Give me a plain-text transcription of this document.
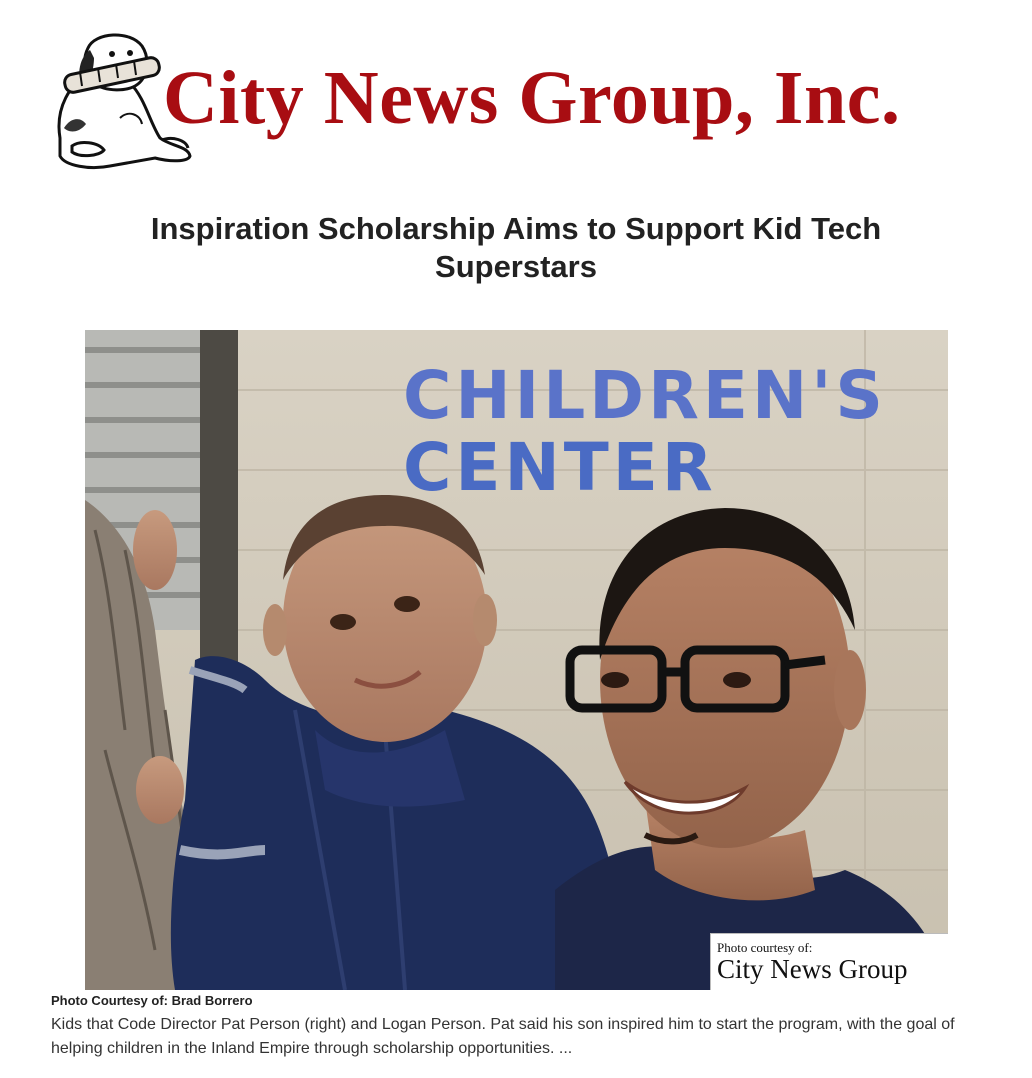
City News Group, Inc.
Inspiration Scholarship Aims to Support Kid Tech Superstars
CHILDREN'S
CENTER
Photo courtesy of:
City News Group
Photo Courtesy of: Brad Borrero

Kids that Code Director Pat Person (right) and Logan Person. Pat said his son inspired him to start the program, with the goal of helping children in the Inland Empire through scholarship opportunities. ...
